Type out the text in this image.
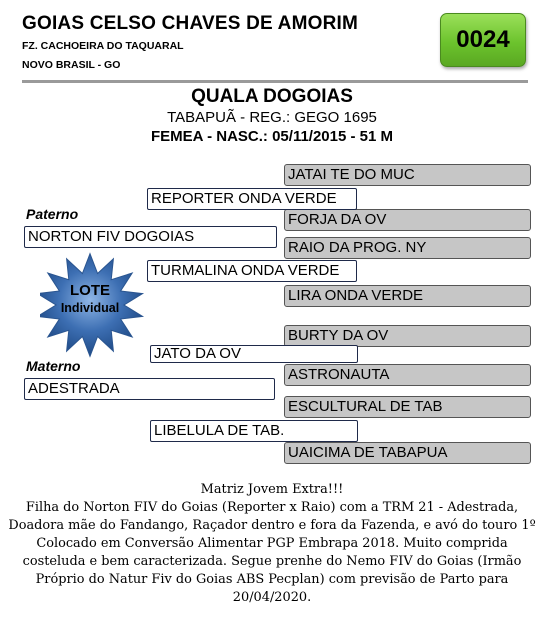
GOIAS CELSO CHAVES DE AMORIM
FZ. CACHOEIRA DO TAQUARAL
NOVO BRASIL - GO
0024
QUALA DOGOIAS
TABAPUÃ - REG.: GEGO 1695
FEMEA - NASC.: 05/11/2015 - 51 M
JATAI TE DO MUC
FORJA DA OV
RAIO DA PROG. NY
LIRA ONDA VERDE
BURTY DA OV
ASTRONAUTA
ESCULTURAL DE TAB
UAICIMA DE TABAPUA
REPORTER ONDA VERDE
TURMALINA ONDA VERDE
JATO DA OV
LIBELULA DE TAB.
Paterno
NORTON FIV DOGOIAS
Materno
ADESTRADA
LOTE
Individual
Matriz Jovem Extra!!!
Filha do Norton FIV do Goias (Reporter x Raio) com a TRM 21 - Adestrada, Doadora mãe do Fandango, Raçador dentro e fora da Fazenda, e avó do touro 1º Colocado em Conversão Alimentar PGP Embrapa 2018. Muito comprida costeluda e bem caracterizada. Segue prenhe do Nemo FIV do Goias (Irmão Próprio do Natur Fiv do Goias ABS Pecplan) com previsão de Parto para 20/04/2020.
